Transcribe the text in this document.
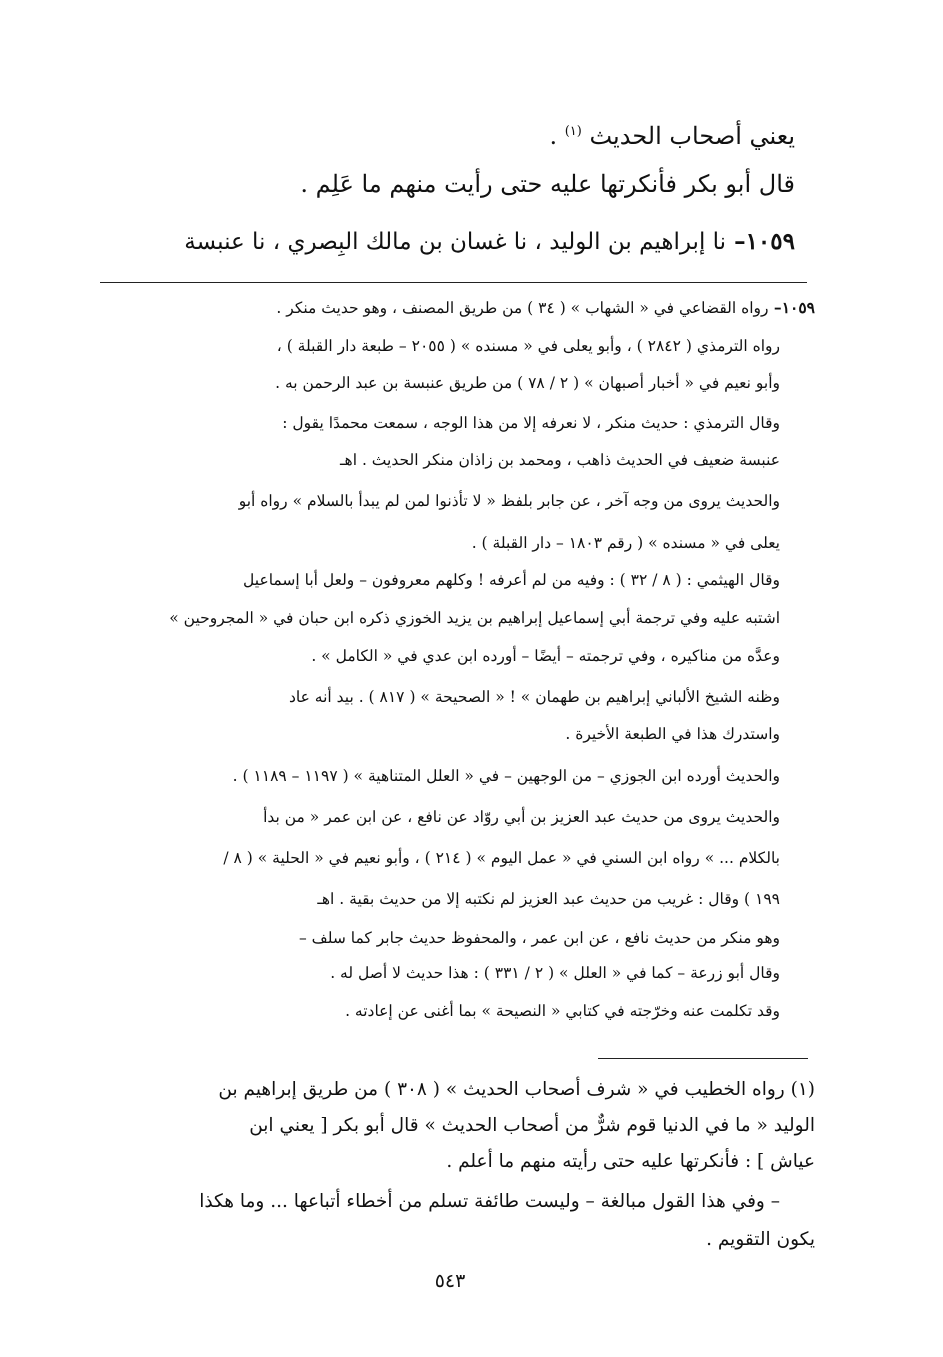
يعني أصحاب الحديث $^{(١)}$ .
قال أبو بكر فأنكرتها عليه حتى رأيت منهم ما عَلِم .
١٠٥٩– نا إبراهيم بن الوليد ، نا غسان بن مالك البِصري ، نا عنبسة
١٠٥٩– رواه القضاعي في « الشهاب » ( ٣٤ ) من طريق المصنف ، وهو حديث منكر .
رواه الترمذي ( ٢٨٤٢ ) ، وأبو يعلى في « مسنده » ( ٢٠٥٥ – طبعة دار القبلة ) ،
وأبو نعيم في « أخبار أصبهان » ( ٢ / ٧٨ ) من طريق عنبسة بن عبد الرحمن به .
وقال الترمذي : حديث منكر ، لا نعرفه إلا من هذا الوجه ، سمعت محمدًا يقول :
عنبسة ضعيف في الحديث ذاهب ، ومحمد بن زاذان منكر الحديث . اهـ
والحديث يروى من وجه آخر ، عن جابر بلفظ « لا تأذنوا لمن لم يبدأ بالسلام » رواه أبو
يعلى في « مسنده » ( رقم ١٨٠٣ – دار القبلة ) .
وقال الهيثمي : ( ٨ / ٣٢ ) : وفيه من لم أعرفه ! وكلهم معروفون – ولعل أبا إسماعيل
اشتبه عليه وفي ترجمة أبي إسماعيل إبراهيم بن يزيد الخوزي ذكره ابن حبان في « المجروحين »
وعدَّه من مناكيره ، وفي ترجمته – أيضًا – أورده ابن عدي في « الكامل » .
وظنه الشيخ الألباني إبراهيم بن طهمان » ! « الصحيحة » ( ٨١٧ ) . بيد أنه عاد
واستدرك هذا في الطبعة الأخيرة .
والحديث أورده ابن الجوزي – من الوجهين – في « العلل المتناهية » ( ١١٩٧ – ١١٨٩ ) .
والحديث يروى من حديث عبد العزيز بن أبي روّاد عن نافع ، عن ابن عمر « من بدأ
بالكلام ... » رواه ابن السني في « عمل اليوم » ( ٢١٤ ) ، وأبو نعيم في « الحلية » ( ٨ /
١٩٩ ) وقال : غريب من حديث عبد العزيز لم نكتبه إلا من حديث بقية . اهـ
وهو منكر من حديث نافع ، عن ابن عمر ، والمحفوظ حديث جابر كما سلف –
وقال أبو زرعة – كما في « العلل » ( ٢ / ٣٣١ ) : هذا حديث لا أصل له .
وقد تكلمت عنه وخرّجته في كتابي « النصيحة » بما أغنى عن إعادته .
(١) رواه الخطيب في « شرف أصحاب الحديث » ( ٣٠٨ ) من طريق إبراهيم بن
الوليد « ما في الدنيا قوم شرٌّ من أصحاب الحديث » قال أبو بكر [ يعني ابن
عياش ] : فأنكرتها عليه حتى رأيته منهم ما أعلم .
– وفي هذا القول مبالغة – وليست طائفة تسلم من أخطاء أتباعها ... وما هكذا
يكون التقويم .
٥٤٣
